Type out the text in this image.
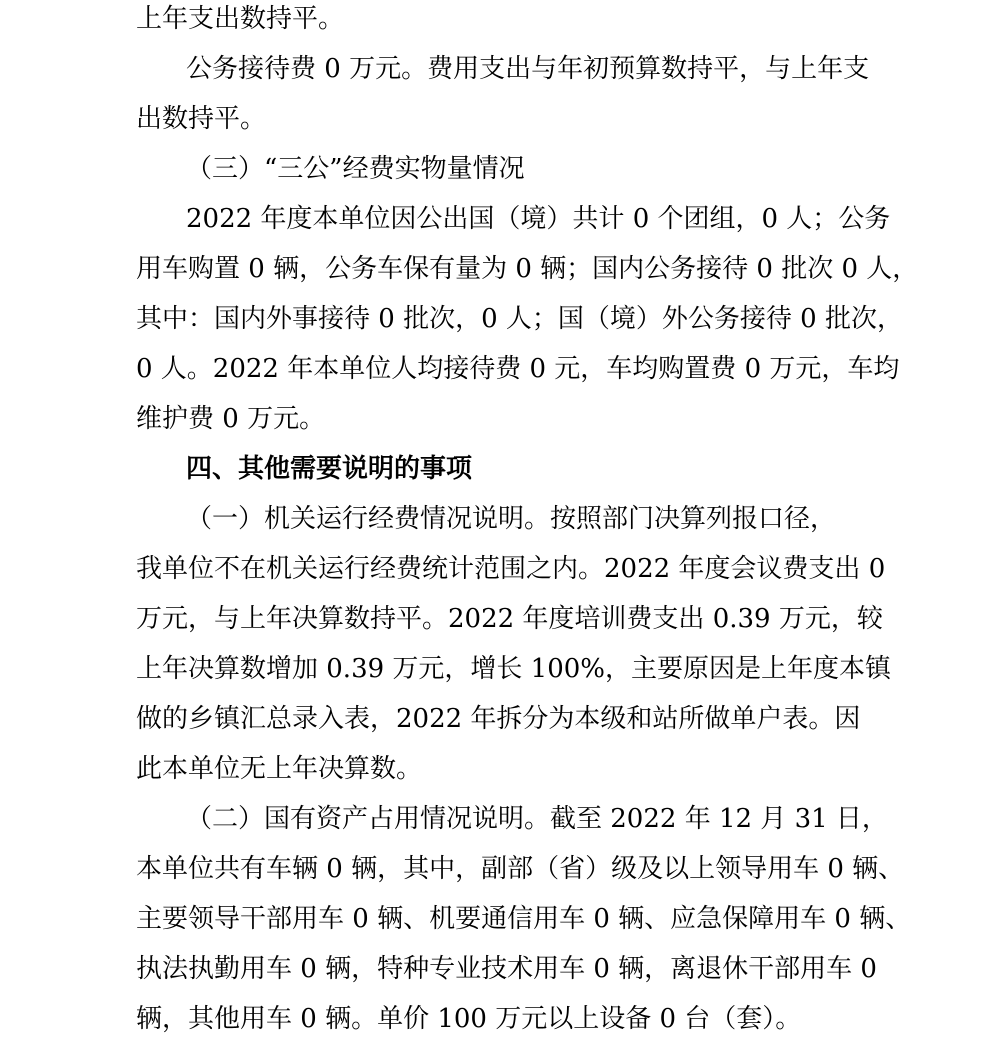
上年支出数持平。
公务接待费 0 万元。费用支出与年初预算数持平，与上年支
出数持平。
（三）“三公”经费实物量情况
2022 年度本单位因公出国（境）共计 0 个团组，0 人；公务
用车购置 0 辆，公务车保有量为 0 辆；国内公务接待 0 批次 0 人，
其中：国内外事接待 0 批次，0 人；国（境）外公务接待 0 批次，
0 人。2022 年本单位人均接待费 0 元，车均购置费 0 万元，车均
维护费 0 万元。
四、其他需要说明的事项
（一）机关运行经费情况说明。按照部门决算列报口径，
我单位不在机关运行经费统计范围之内。2022 年度会议费支出 0
万元，与上年决算数持平。2022 年度培训费支出 0.39 万元，较
上年决算数增加 0.39 万元，增长 100%，主要原因是上年度本镇
做的乡镇汇总录入表，2022 年拆分为本级和站所做单户表。因
此本单位无上年决算数。
（二）国有资产占用情况说明。截至 2022 年 12 月 31 日，
本单位共有车辆 0 辆，其中，副部（省）级及以上领导用车 0 辆、
主要领导干部用车 0 辆、机要通信用车 0 辆、应急保障用车 0 辆、
执法执勤用车 0 辆，特种专业技术用车 0 辆，离退休干部用车 0
辆，其他用车 0 辆。单价 100 万元以上设备 0 台（套）。
